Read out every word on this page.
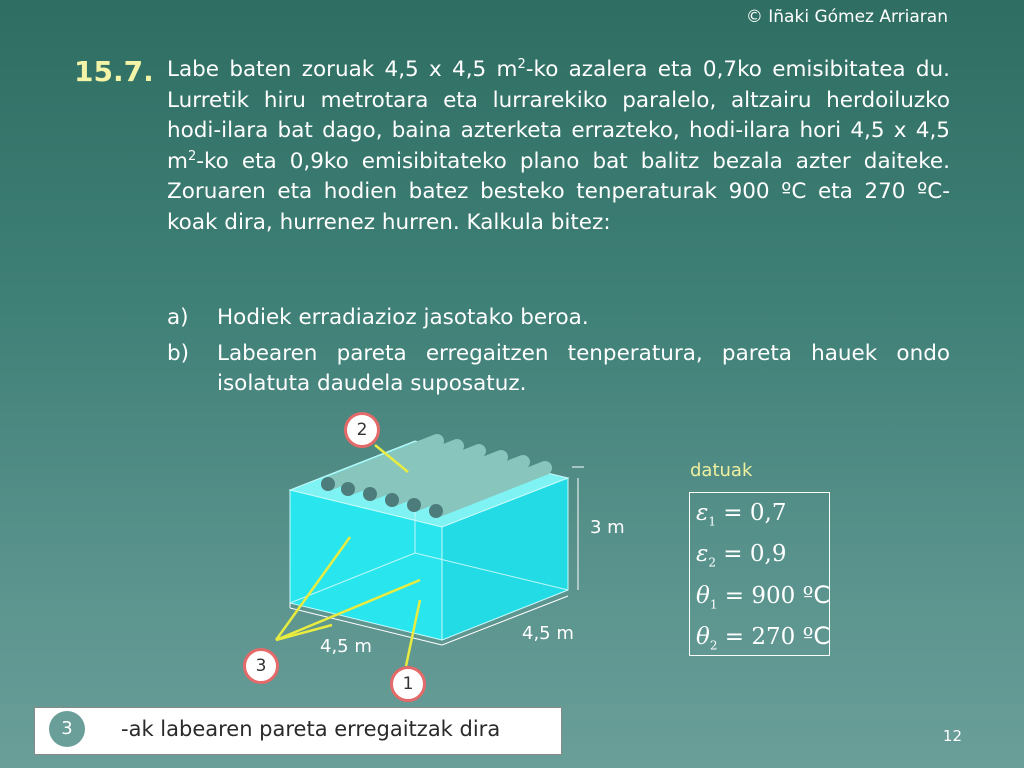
© Iñaki Gómez Arriaran
15.7. Labe baten zoruak 4,5 x 4,5 $m^2-ko$ azalera eta 0,7ko emisibitatea du. Lurretik hiru metrotara eta lurrarekiko paralelo, altzairu herdoiluzko hodi-ilara bat dago, baina azterketa errazteko, hodi-ilara hori 4,5 x 4,5 $m^2-ko$ eta 0,9ko emisibitateko plano bat balitz bezala azter daiteke. Zoruaren eta hodien batez besteko tenperaturak 900 ºC eta 270 ºC-koak dira, hurrenez hurren. Kalkula bitez:

a) Hodiek erradiazioz jasotako beroa.
b) Labearen pareta erregaitzen tenperatura, pareta hauek ondo isolatuta daudela suposatuz.
3 m
4,5 m
4,5 m
2
3
1
datuak
$\varepsilon_1 = 0,7$
$\varepsilon_2 = 0,9$
$\theta_1 = 900$ ºC
$\theta_2 = 270$ ºC
3	-ak labearen pareta erregaitzak dira	12
